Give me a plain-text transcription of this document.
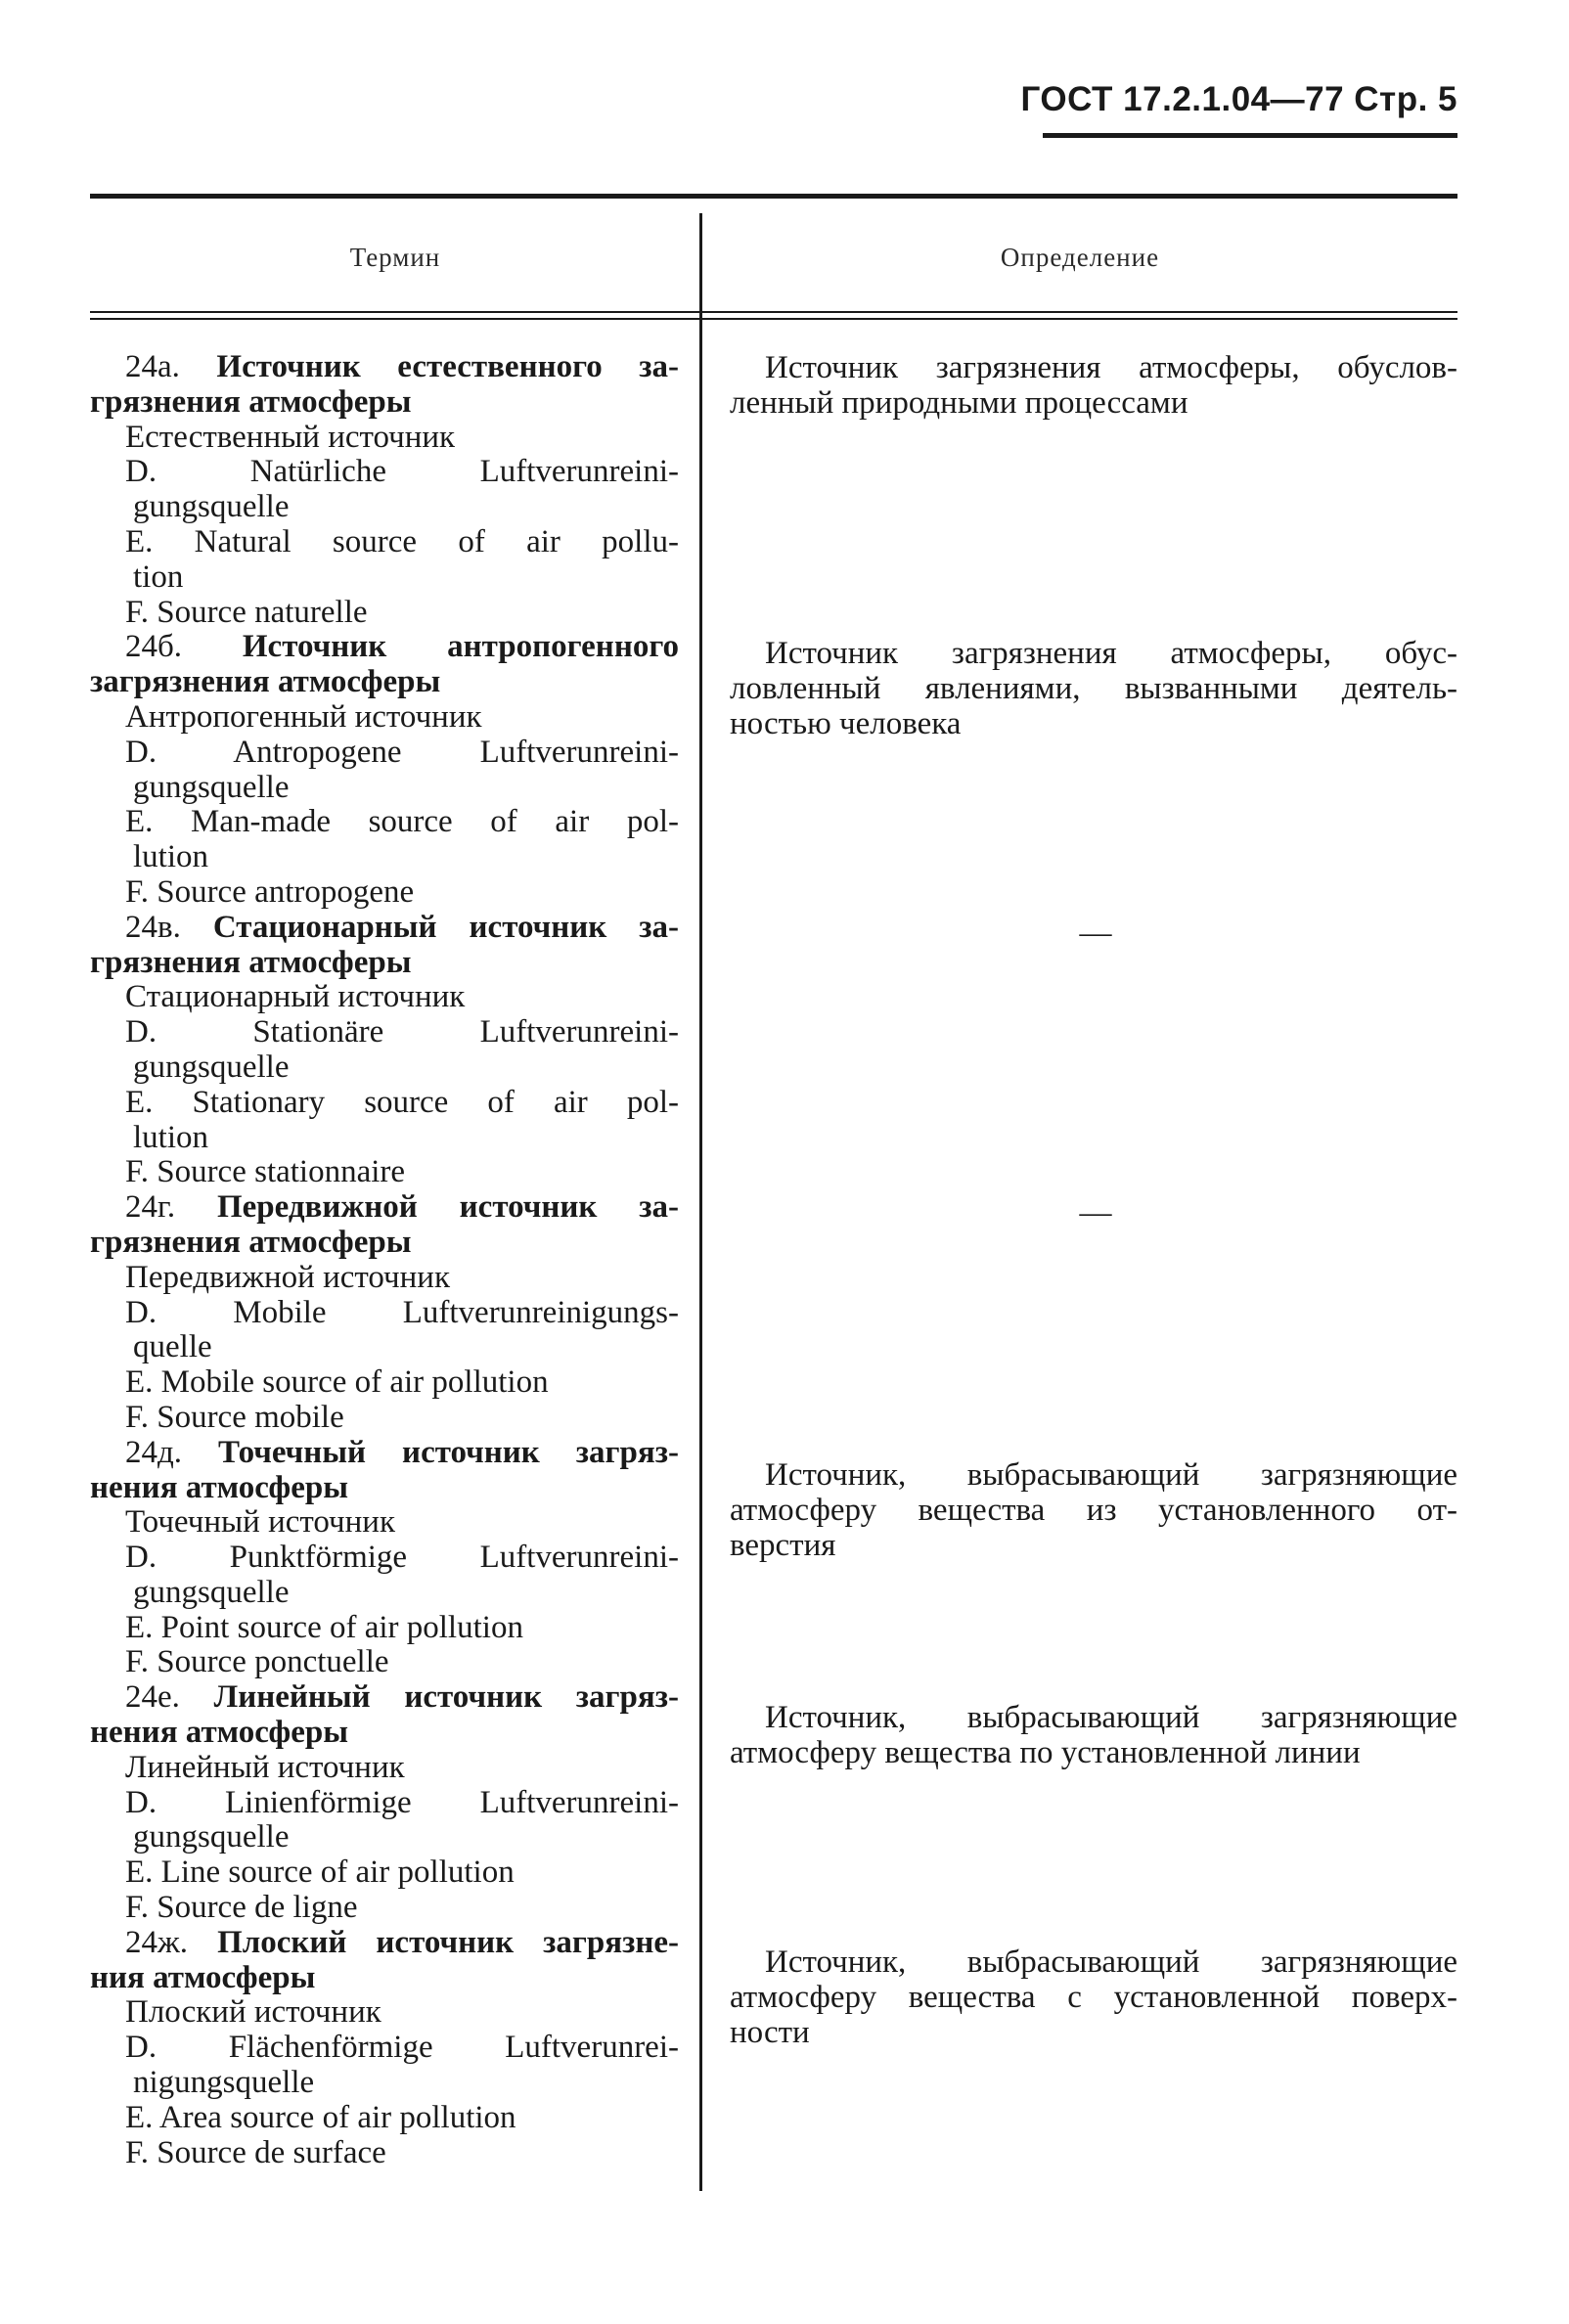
ГОСТ 17.2.1.04—77 Стр. 5
Термин	Определение
24а. Источник естественного за-
грязнения атмосферы
Естественный источник
D. Natürliche Luftverunreini-
gungsquelle
E. Natural source of air pollu-
tion
F. Source naturelle
24б. Источник антропогенного
загрязнения атмосферы
Антропогенный источник
D. Antropogene Luftverunreini-
gungsquelle
E. Man-made source of air pol-
lution
F. Source antropogene
24в. Стационарный источник за-
грязнения атмосферы
Стационарный источник
D. Stationäre Luftverunreini-
gungsquelle
E. Stationary source of air pol-
lution
F. Source stationnaire
24г. Передвижной источник за-
грязнения атмосферы
Передвижной источник
D. Mobile Luftverunreinigungs-
quelle
E. Mobile source of air pollution
F. Source mobile
24д. Точечный источник загряз-
нения атмосферы
Точечный источник
D. Punktförmige Luftverunreini-
gungsquelle
E. Point source of air pollution
F. Source ponctuelle
24е. Линейный источник загряз-
нения атмосферы
Линейный источник
D. Linienförmige Luftverunreini-
gungsquelle
E. Line source of air pollution
F. Source de ligne
24ж. Плоский источник загрязне-
ния атмосферы
Плоский источник
D. Flächenförmige Luftverunrei-
nigungsquelle
E. Area source of air pollution
F. Source de surface
Источник загрязнения атмосферы, обуслов-
ленный природными процессами
Источник загрязнения атмосферы, обус-
ловленный явлениями, вызванными деятель-
ностью человека
—
—
Источник, выбрасывающий загрязняющие
атмосферу вещества из установленного от-
верстия
Источник, выбрасывающий загрязняющие
атмосферу вещества по установленной линии
Источник, выбрасывающий загрязняющие
атмосферу вещества с установленной поверх-
ности
